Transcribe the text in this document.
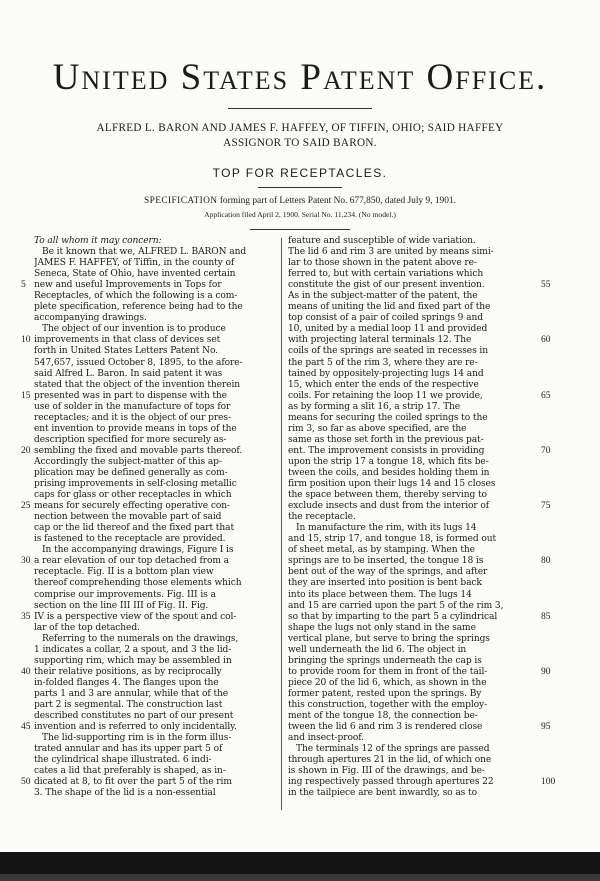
United States Patent Office.
ALFRED L. BARON AND JAMES F. HAFFEY, OF TIFFIN, OHIO; SAID HAFFEY
ASSIGNOR TO SAID BARON.
TOP FOR RECEPTACLES.
SPECIFICATION forming part of Letters Patent No. 677,850, dated July 9, 1901.
Application filed April 2, 1900. Serial No. 11,234. (No model.)
To all whom it may concern:
Be it known that we, ALFRED L. BARON and
JAMES F. HAFFEY, of Tiffin, in the county of
Seneca, State of Ohio, have invented certain
new and useful Improvements in Tops for
Receptacles, of which the following is a com-
plete specification, reference being had to the
accompanying drawings.
The object of our invention is to produce
improvements in that class of devices set
forth in United States Letters Patent No.
547,657, issued October 8, 1895, to the afore-
said Alfred L. Baron. In said patent it was
stated that the object of the invention therein
presented was in part to dispense with the
use of solder in the manufacture of tops for
receptacles; and it is the object of our pres-
ent invention to provide means in tops of the
description specified for more securely as-
sembling the fixed and movable parts thereof.
Accordingly the subject-matter of this ap-
plication may be defined generally as com-
prising improvements in self-closing metallic
caps for glass or other receptacles in which
means for securely effecting operative con-
nection between the movable part of said
cap or the lid thereof and the fixed part that
is fastened to the receptacle are provided.
In the accompanying drawings, Figure I is
a rear elevation of our top detached from a
receptacle. Fig. II is a bottom plan view
thereof comprehending those elements which
comprise our improvements. Fig. III is a
section on the line III III of Fig. II. Fig.
IV is a perspective view of the spout and col-
lar of the top detached.
Referring to the numerals on the drawings,
1 indicates a collar, 2 a spout, and 3 the lid-
supporting rim, which may be assembled in
their relative positions, as by reciprocally
in-folded flanges 4. The flanges upon the
parts 1 and 3 are annular, while that of the
part 2 is segmental. The construction last
described constitutes no part of our present
invention and is referred to only incidentally.
The lid-supporting rim is in the form illus-
trated annular and has its upper part 5 of
the cylindrical shape illustrated. 6 indi-
cates a lid that preferably is shaped, as in-
dicated at 8, to fit over the part 5 of the rim
3. The shape of the lid is a non-essential
feature and susceptible of wide variation.
The lid 6 and rim 3 are united by means simi-
lar to those shown in the patent above re-
ferred to, but with certain variations which
constitute the gist of our present invention.
As in the subject-matter of the patent, the
means of uniting the lid and fixed part of the
top consist of a pair of coiled springs 9 and
10, united by a medial loop 11 and provided
with projecting lateral terminals 12. The
coils of the springs are seated in recesses in
the part 5 of the rim 3, where they are re-
tained by oppositely-projecting lugs 14 and
15, which enter the ends of the respective
coils. For retaining the loop 11 we provide,
as by forming a slit 16, a strip 17. The
means for securing the coiled springs to the
rim 3, so far as above specified, are the
same as those set forth in the previous pat-
ent. The improvement consists in providing
upon the strip 17 a tongue 18, which fits be-
tween the coils, and besides holding them in
firm position upon their lugs 14 and 15 closes
the space between them, thereby serving to
exclude insects and dust from the interior of
the receptacle.
In manufacture the rim, with its lugs 14
and 15, strip 17, and tongue 18, is formed out
of sheet metal, as by stamping. When the
springs are to be inserted, the tongue 18 is
bent out of the way of the springs, and after
they are inserted into position is bent back
into its place between them. The lugs 14
and 15 are carried upon the part 5 of the rim 3,
so that by imparting to the part 5 a cylindrical
shape the lugs not only stand in the same
vertical plane, but serve to bring the springs
well underneath the lid 6. The object in
bringing the springs underneath the cap is
to provide room for them in front of the tail-
piece 20 of the lid 6, which, as shown in the
former patent, rested upon the springs. By
this construction, together with the employ-
ment of the tongue 18, the connection be-
tween the lid 6 and rim 3 is rendered close
and insect-proof.
The terminals 12 of the springs are passed
through apertures 21 in the lid, of which one
is shown in Fig. III of the drawings, and be-
ing respectively passed through apertures 22
in the tailpiece are bent inwardly, so as to
5
10
15
20
25
30
35
40
45
50
55
60
65
70
75
80
85
90
95
100
